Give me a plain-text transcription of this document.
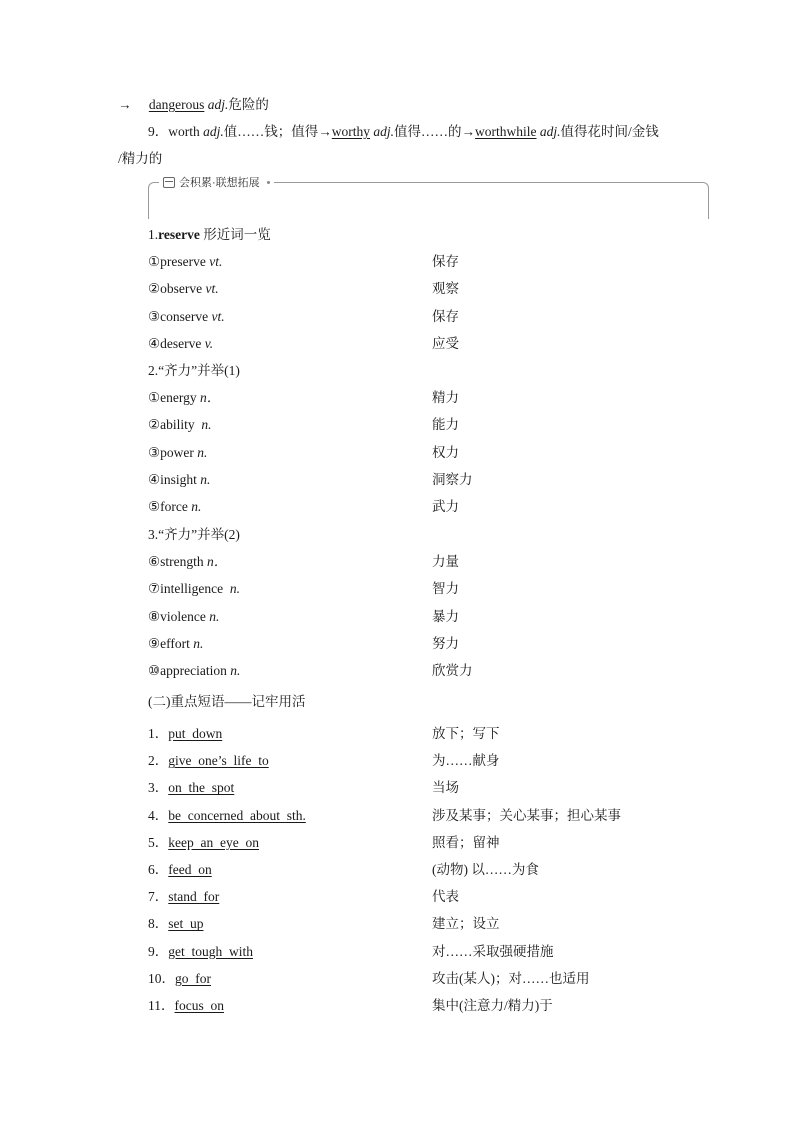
→ dangerous adj.危险的
9．worth adj.值……钱；值得→worthy adj.值得……的→worthwhile adj.值得花时间/金钱
/精力的
会积累·联想拓展
1.reserve 形近词一览
①preserve vt.	保存
②observe vt.	观察
③conserve vt.	保存
④deserve v.	应受
2.“齐力”并举(1)
①energy n．	精力
②ability  n.	能力
③power n.	权力
④insight n.	洞察力
⑤force n.	武力
3.“齐力”并举(2)
⑥strength n．	力量
⑦intelligence  n.	智力
⑧violence n.	暴力
⑨effort n.	努力
⑩appreciation n.	欣赏力
(二)重点短语——记牢用活
1．put  down	放下；写下
2．give  one’s  life  to	为……献身
3．on  the  spot	当场
4．be  concerned  about  sth.	涉及某事；关心某事；担心某事
5．keep  an  eye  on	照看；留神
6．feed  on	(动物) 以……为食
7．stand  for	代表
8．set  up	建立；设立
9．get  tough  with	对……采取强硬措施
10．go  for	攻击(某人)；对……也适用
11．focus  on	集中(注意力/精力)于
